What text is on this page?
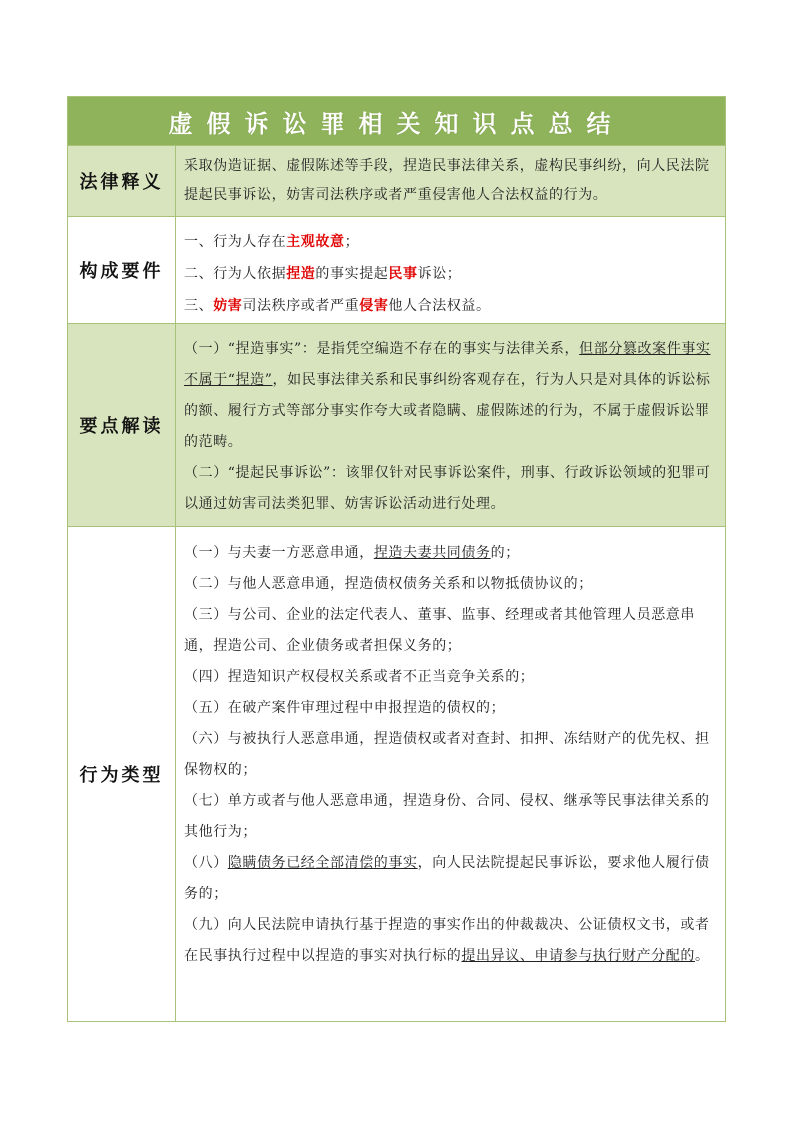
虚假诉讼罪相关知识点总结
法律释义

采取伪造证据、虚假陈述等手段，捏造民事法律关系，虚构民事纠纷，向人民法院提起民事诉讼，妨害司法秩序或者严重侵害他人合法权益的行为。

构成要件

一、行为人存在主观故意；

二、行为人依据捏造的事实提起民事诉讼；

三、妨害司法秩序或者严重侵害他人合法权益。

要点解读

（一）“捏造事实”：是指凭空编造不存在的事实与法律关系，但部分篡改案件事实不属于“捏造”，如民事法律关系和民事纠纷客观存在，行为人只是对具体的诉讼标的额、履行方式等部分事实作夸大或者隐瞒、虚假陈述的行为，不属于虚假诉讼罪的范畴。

（二）“提起民事诉讼”：该罪仅针对民事诉讼案件，刑事、行政诉讼领域的犯罪可以通过妨害司法类犯罪、妨害诉讼活动进行处理。

行为类型

（一）与夫妻一方恶意串通，捏造夫妻共同债务的；

（二）与他人恶意串通，捏造债权债务关系和以物抵债协议的；

（三）与公司、企业的法定代表人、董事、监事、经理或者其他管理人员恶意串通，捏造公司、企业债务或者担保义务的；

（四）捏造知识产权侵权关系或者不正当竞争关系的；

（五）在破产案件审理过程中申报捏造的债权的；

（六）与被执行人恶意串通，捏造债权或者对查封、扣押、冻结财产的优先权、担保物权的；

（七）单方或者与他人恶意串通，捏造身份、合同、侵权、继承等民事法律关系的其他行为；

（八）隐瞒债务已经全部清偿的事实，向人民法院提起民事诉讼，要求他人履行债务的；

（九）向人民法院申请执行基于捏造的事实作出的仲裁裁决、公证债权文书，或者在民事执行过程中以捏造的事实对执行标的提出异议、申请参与执行财产分配的。
